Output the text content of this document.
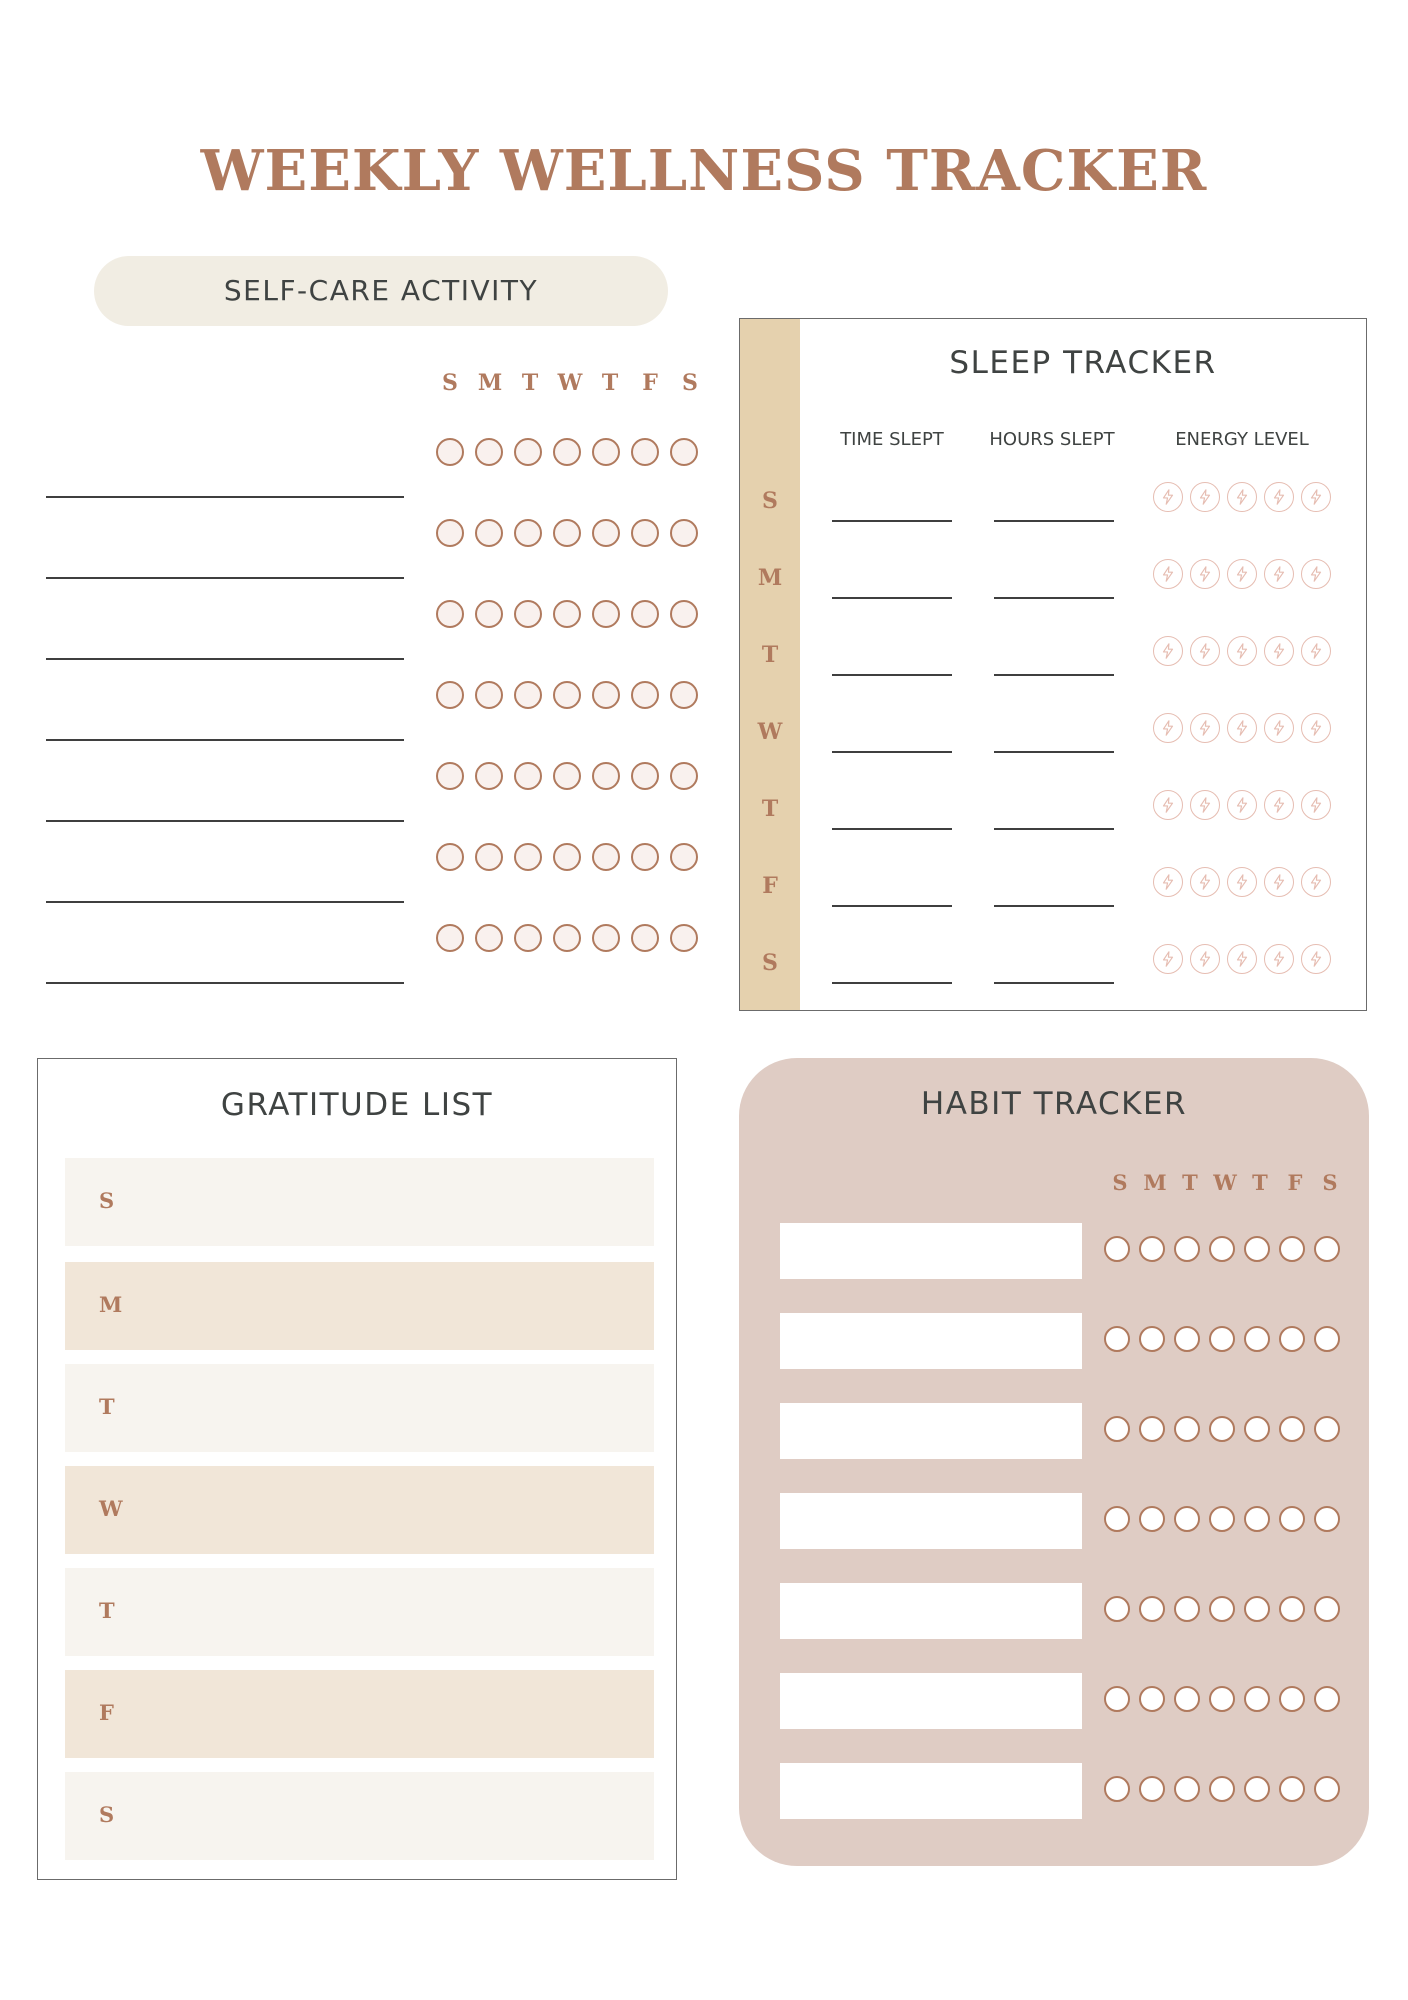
WEEKLY WELLNESS TRACKER
SELF-CARE ACTIVITY
S M T W T	F	S
SLEEP TRACKER
TIME SLEPT	HOURS SLEPT	ENERGY LEVEL
S
M
T
W
T
F
S
GRATITUDE LIST
S
M
T
W
T
F
S
HABIT TRACKER
S M T W T F S
